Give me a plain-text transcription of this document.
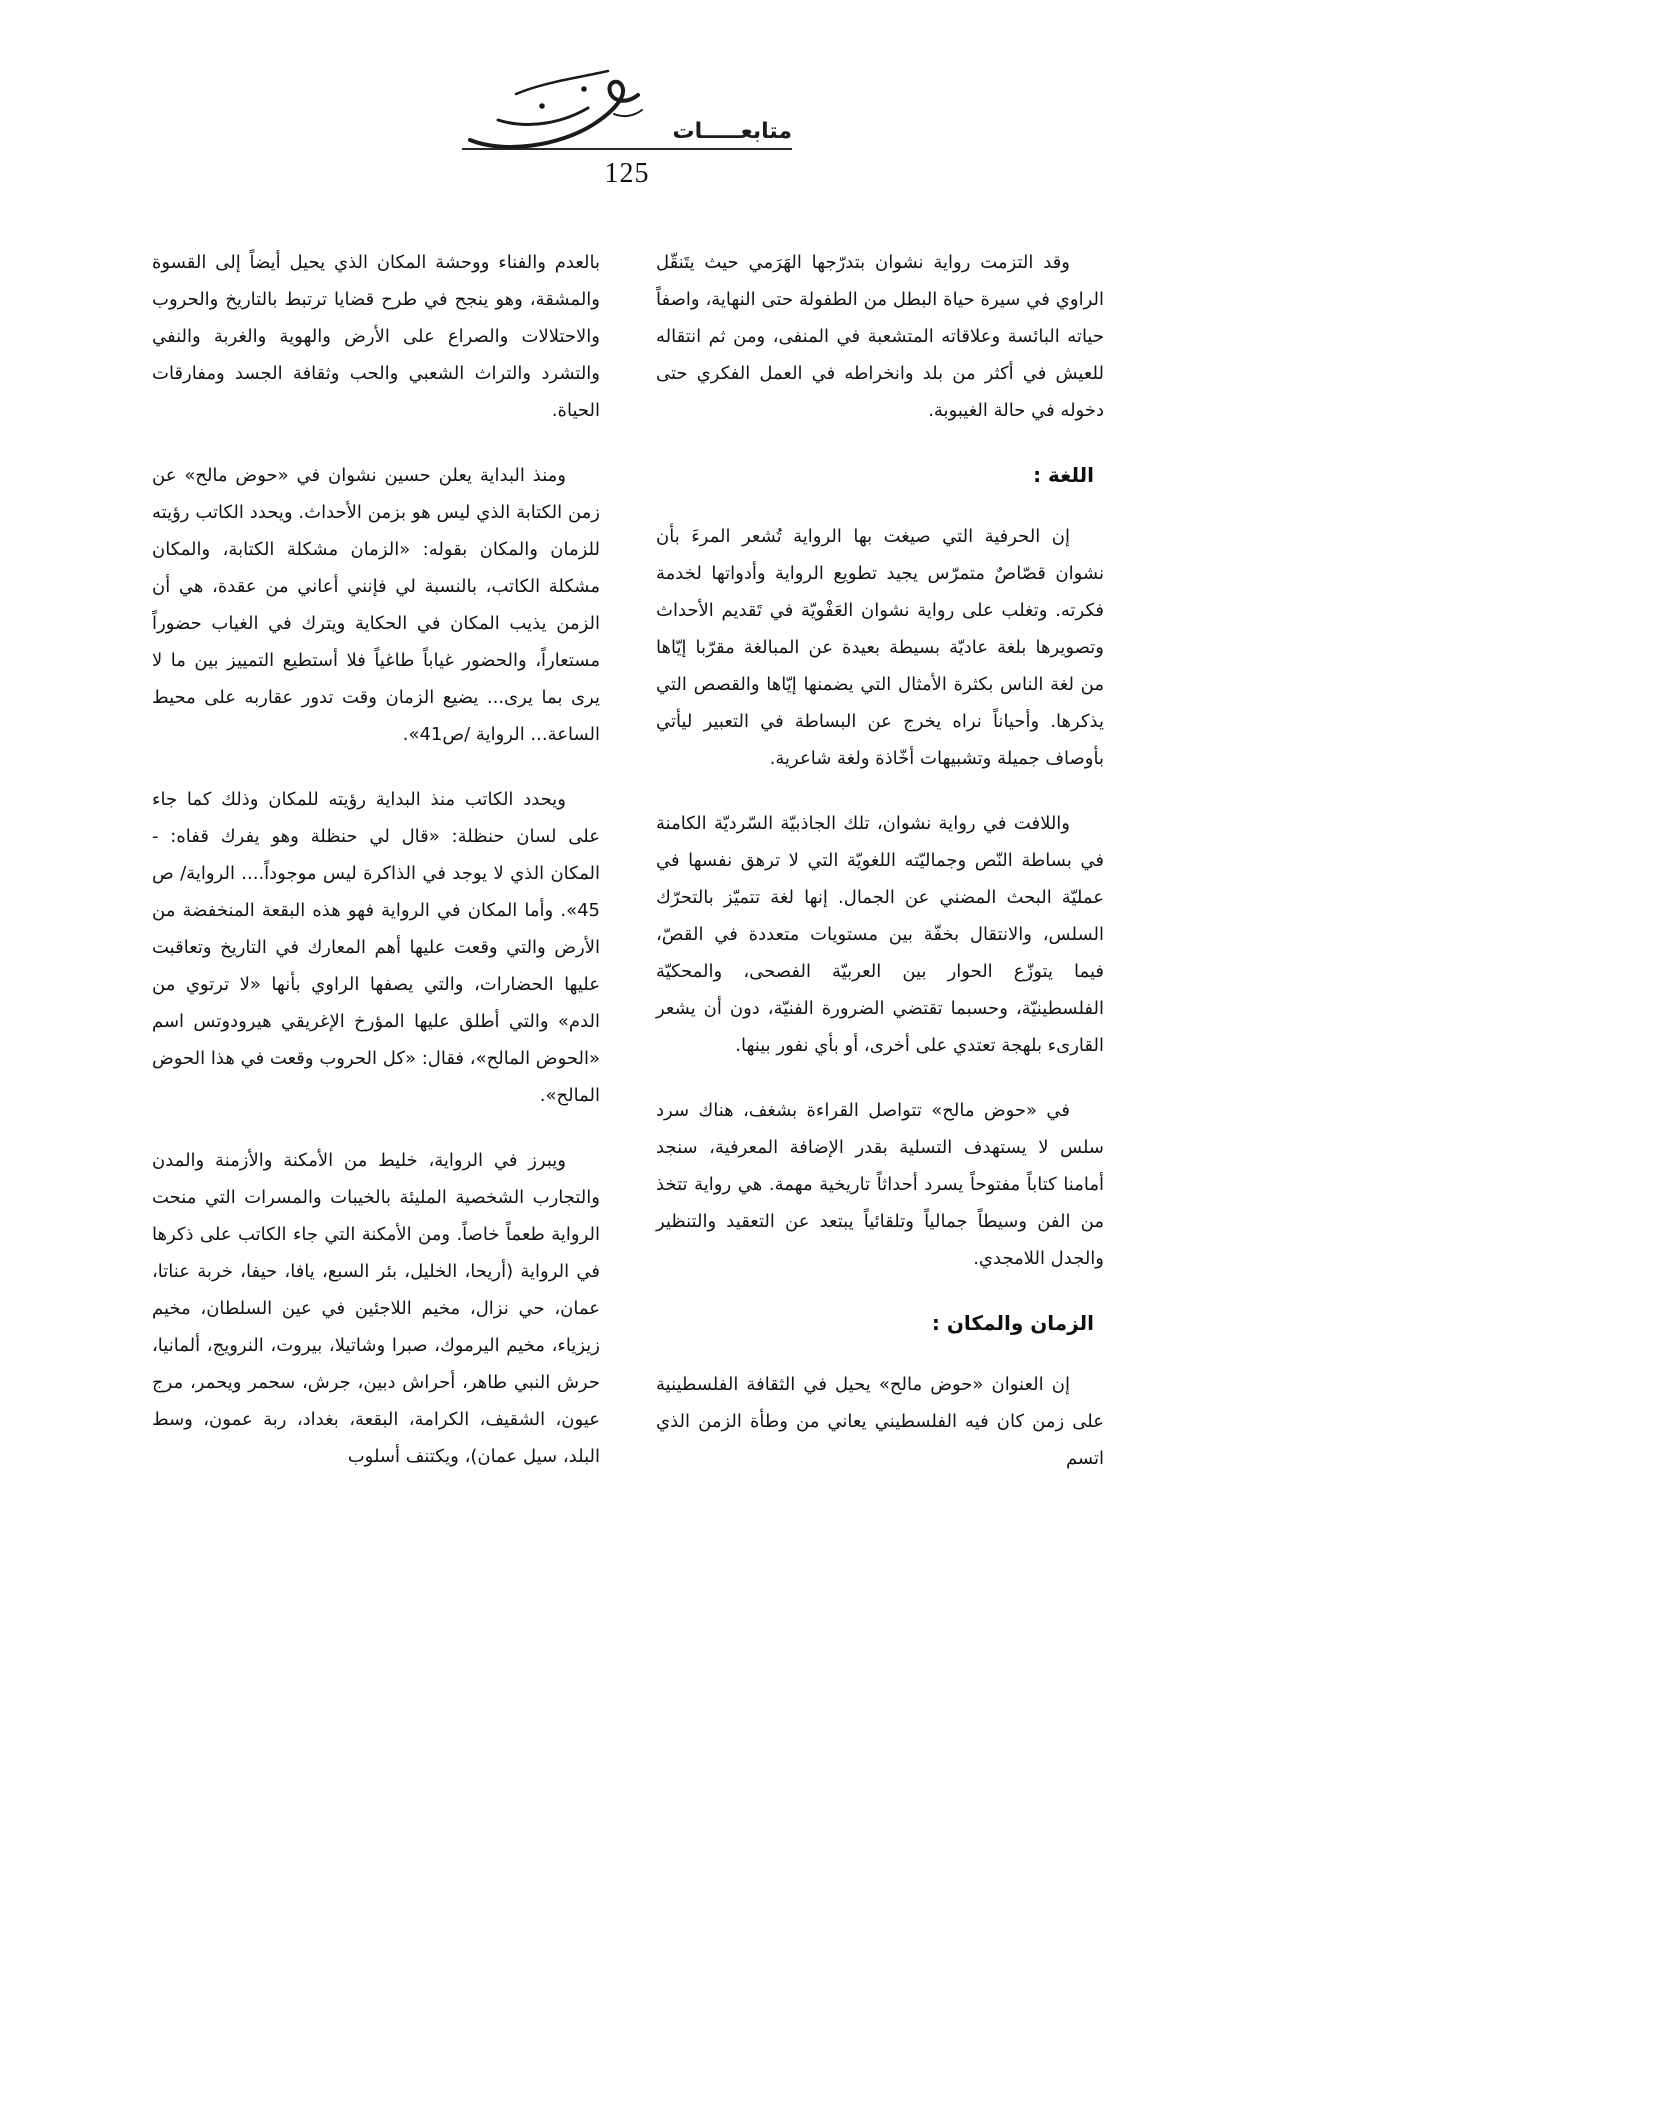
متابعـــــات
125

وقد التزمت رواية نشوان بتدرّجها الهَرَمي حيث يتَنقّل الراوي في سيرة حياة البطل من الطفولة حتى النهاية، واصفاً حياته البائسة وعلاقاته المتشعبة في المنفى، ومن ثم انتقاله للعيش في أكثر من بلد وانخراطه في العمل الفكري حتى دخوله في حالة الغيبوبة.

اللغة :

إن الحرفية التي صيغت بها الرواية تُشعر المرءَ بأن نشوان قصّاصٌ متمرّس يجيد تطويع الرواية وأدواتها لخدمة فكرته. وتغلب على رواية نشوان العَفْويّة في تَقديم الأحداث وتصويرها بلغة عاديّة بسيطة بعيدة عن المبالغة مقرّبا إيّاها من لغة الناس بكثرة الأمثال التي يضمنها إيّاها والقصص التي يذكرها. وأحياناً نراه يخرج عن البساطة في التعبير ليأتي بأوصاف جميلة وتشبيهات أخّاذة ولغة شاعرية.

واللافت في رواية نشوان، تلك الجاذبيّة السّرديّة الكامنة في بساطة النّص وجماليّته اللغويّة التي لا ترهق نفسها في عمليّة البحث المضني عن الجمال. إنها لغة تتميّز بالتحرّك السلس، والانتقال بخفّة بين مستويات متعددة في القصّ، فيما يتوزّع الحوار بين العربيّة الفصحى، والمحكيّة الفلسطينيّة، وحسبما تقتضي الضرورة الفنيّة، دون أن يشعر القارىء بلهجة تعتدي على أخرى، أو بأي نفور بينها.

في «حوض مالح» تتواصل القراءة بشغف، هناك سرد سلس لا يستهدف التسلية بقدر الإضافة المعرفية، سنجد أمامنا كتاباً مفتوحاً يسرد أحداثاً تاريخية مهمة. هي رواية تتخذ من الفن وسيطاً جمالياً وتلقائياً يبتعد عن التعقيد والتنظير والجدل اللامجدي.

الزمان والمكان :

إن العنوان «حوض مالح» يحيل في الثقافة الفلسطينية على زمن كان فيه الفلسطيني يعاني من وطأة الزمن الذي اتسم

بالعدم والفناء ووحشة المكان الذي يحيل أيضاً إلى القسوة والمشقة، وهو ينجح في طرح قضايا ترتبط بالتاريخ والحروب والاحتلالات والصراع على الأرض والهوية والغربة والنفي والتشرد والتراث الشعبي والحب وثقافة الجسد ومفارقات الحياة.

ومنذ البداية يعلن حسين نشوان في «حوض مالح» عن زمن الكتابة الذي ليس هو بزمن الأحداث. ويحدد الكاتب رؤيته للزمان والمكان بقوله: «الزمان مشكلة الكتابة، والمكان مشكلة الكاتب، بالنسبة لي فإنني أعاني من عقدة، هي أن الزمن يذيب المكان في الحكاية ويترك في الغياب حضوراً مستعاراً، والحضور غياباً طاغياً فلا أستطيع التمييز بين ما لا يرى بما يرى... يضيع الزمان وقت تدور عقاربه على محيط الساعة... الرواية /ص41».

ويحدد الكاتب منذ البداية رؤيته للمكان وذلك كما جاء على لسان حنظلة: «قال لي حنظلة وهو يفرك قفاه: - المكان الذي لا يوجد في الذاكرة ليس موجوداً.... الرواية/ ص 45». وأما المكان في الرواية فهو هذه البقعة المنخفضة من الأرض والتي وقعت عليها أهم المعارك في التاريخ وتعاقبت عليها الحضارات، والتي يصفها الراوي بأنها «لا ترتوي من الدم» والتي أطلق عليها المؤرخ الإغريقي هيرودوتس اسم «الحوض المالح»، فقال: «كل الحروب وقعت في هذا الحوض المالح».

ويبرز في الرواية، خليط من الأمكنة والأزمنة والمدن والتجارب الشخصية المليئة بالخيبات والمسرات التي منحت الرواية طعماً خاصاً. ومن الأمكنة التي جاء الكاتب على ذكرها في الرواية (أريحا، الخليل، بئر السبع، يافا، حيفا، خربة عناتا، عمان، حي نزال، مخيم اللاجئين في عين السلطان، مخيم زيزياء، مخيم اليرموك، صبرا وشاتيلا، بيروت، النرويج، ألمانيا، حرش النبي طاهر، أحراش دبين، جرش، سحمر ويحمر، مرج عيون، الشقيف، الكرامة، البقعة، بغداد، ربة عمون، وسط البلد، سيل عمان)، ويكتنف أسلوب
